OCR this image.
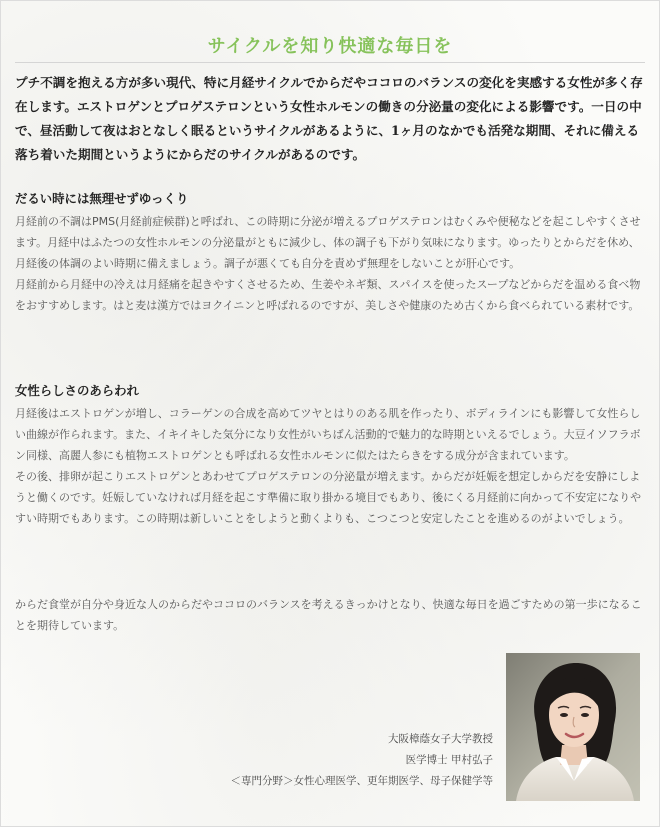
サイクルを知り快適な毎日を

プチ不調を抱える方が多い現代、特に月経サイクルでからだやココロのバランスの変化を実感する女性が多く存在します。エストロゲンとプロゲステロンという女性ホルモンの働きの分泌量の変化による影響です。一日の中で、昼活動して夜はおとなしく眠るというサイクルがあるように、1ヶ月のなかでも活発な期間、それに備える落ち着いた期間というようにからだのサイクルがあるのです。

だるい時には無理せずゆっくり
月経前の不調はPMS(月経前症候群)と呼ばれ、この時期に分泌が増えるプロゲステロンはむくみや便秘などを起こしやすくさせます。月経中はふたつの女性ホルモンの分泌量がともに減少し、体の調子も下がり気味になります。ゆったりとからだを休め、月経後の体調のよい時期に備えましょう。調子が悪くても自分を責めず無理をしないことが肝心です。
月経前から月経中の冷えは月経痛を起きやすくさせるため、生姜やネギ類、スパイスを使ったスープなどからだを温める食べ物をおすすめします。はと麦は漢方ではヨクイニンと呼ばれるのですが、美しさや健康のため古くから食べられている素材です。
女性らしさのあらわれ
月経後はエストロゲンが増し、コラーゲンの合成を高めてツヤとはりのある肌を作ったり、ボディラインにも影響して女性らしい曲線が作られます。また、イキイキした気分になり女性がいちばん活動的で魅力的な時期といえるでしょう。大豆イソフラボン同様、高麗人参にも植物エストロゲンとも呼ばれる女性ホルモンに似たはたらきをする成分が含まれています。
その後、排卵が起こりエストロゲンとあわせてプロゲステロンの分泌量が増えます。からだが妊娠を想定しからだを安静にしようと働くのです。妊娠していなければ月経を起こす準備に取り掛かる境目でもあり、後にくる月経前に向かって不安定になりやすい時期でもあります。この時期は新しいことをしようと動くよりも、こつこつと安定したことを進めるのがよいでしょう。

からだ食堂が自分や身近な人のからだやココロのバランスを考えるきっかけとなり、快適な毎日を過ごすための第一歩になることを期待しています。

大阪樟蔭女子大学教授
医学博士 甲村弘子
＜専門分野＞女性心理医学、更年期医学、母子保健学等
